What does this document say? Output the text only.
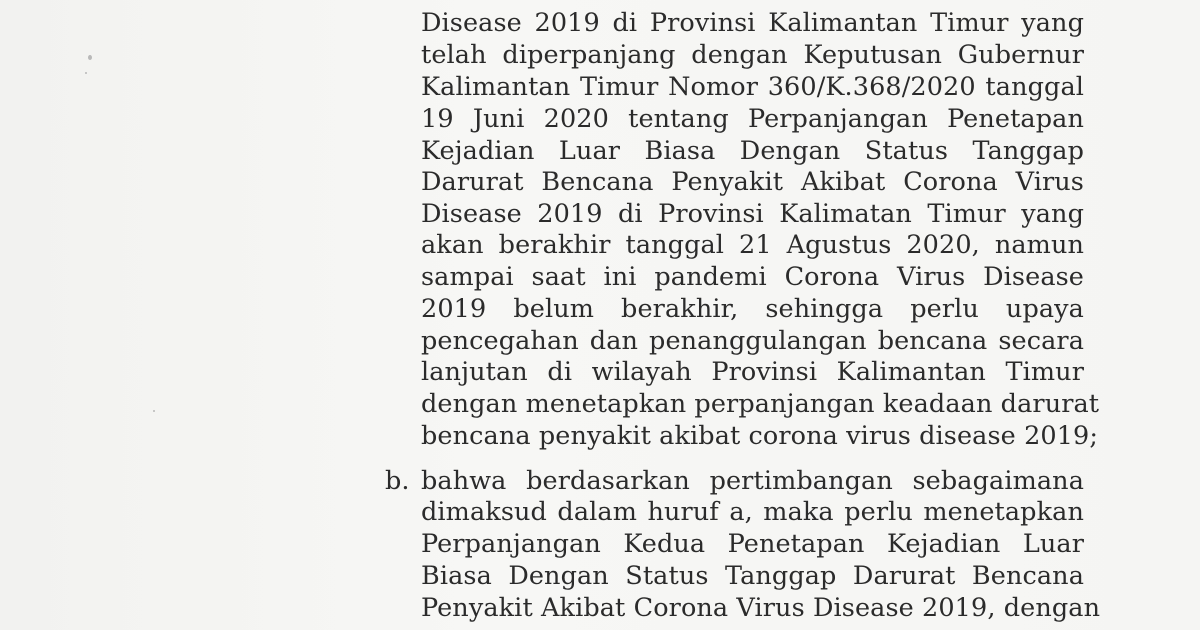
Disease 2019 di Provinsi Kalimantan Timur yang
telah diperpanjang dengan Keputusan Gubernur
Kalimantan Timur Nomor 360/K.368/2020 tanggal
19 Juni 2020 tentang Perpanjangan Penetapan
Kejadian Luar Biasa Dengan Status Tanggap
Darurat Bencana Penyakit Akibat Corona Virus
Disease 2019 di Provinsi Kalimatan Timur yang
akan berakhir tanggal 21 Agustus 2020, namun
sampai saat ini pandemi Corona Virus Disease
2019 belum berakhir, sehingga perlu upaya
pencegahan dan penanggulangan bencana secara
lanjutan di wilayah Provinsi Kalimantan Timur
dengan menetapkan perpanjangan keadaan darurat
bencana penyakit akibat corona virus disease 2019;
b. bahwa berdasarkan pertimbangan sebagaimana
dimaksud dalam huruf a, maka perlu menetapkan
Perpanjangan Kedua Penetapan Kejadian Luar
Biasa Dengan Status Tanggap Darurat Bencana
Penyakit Akibat Corona Virus Disease 2019, dengan
